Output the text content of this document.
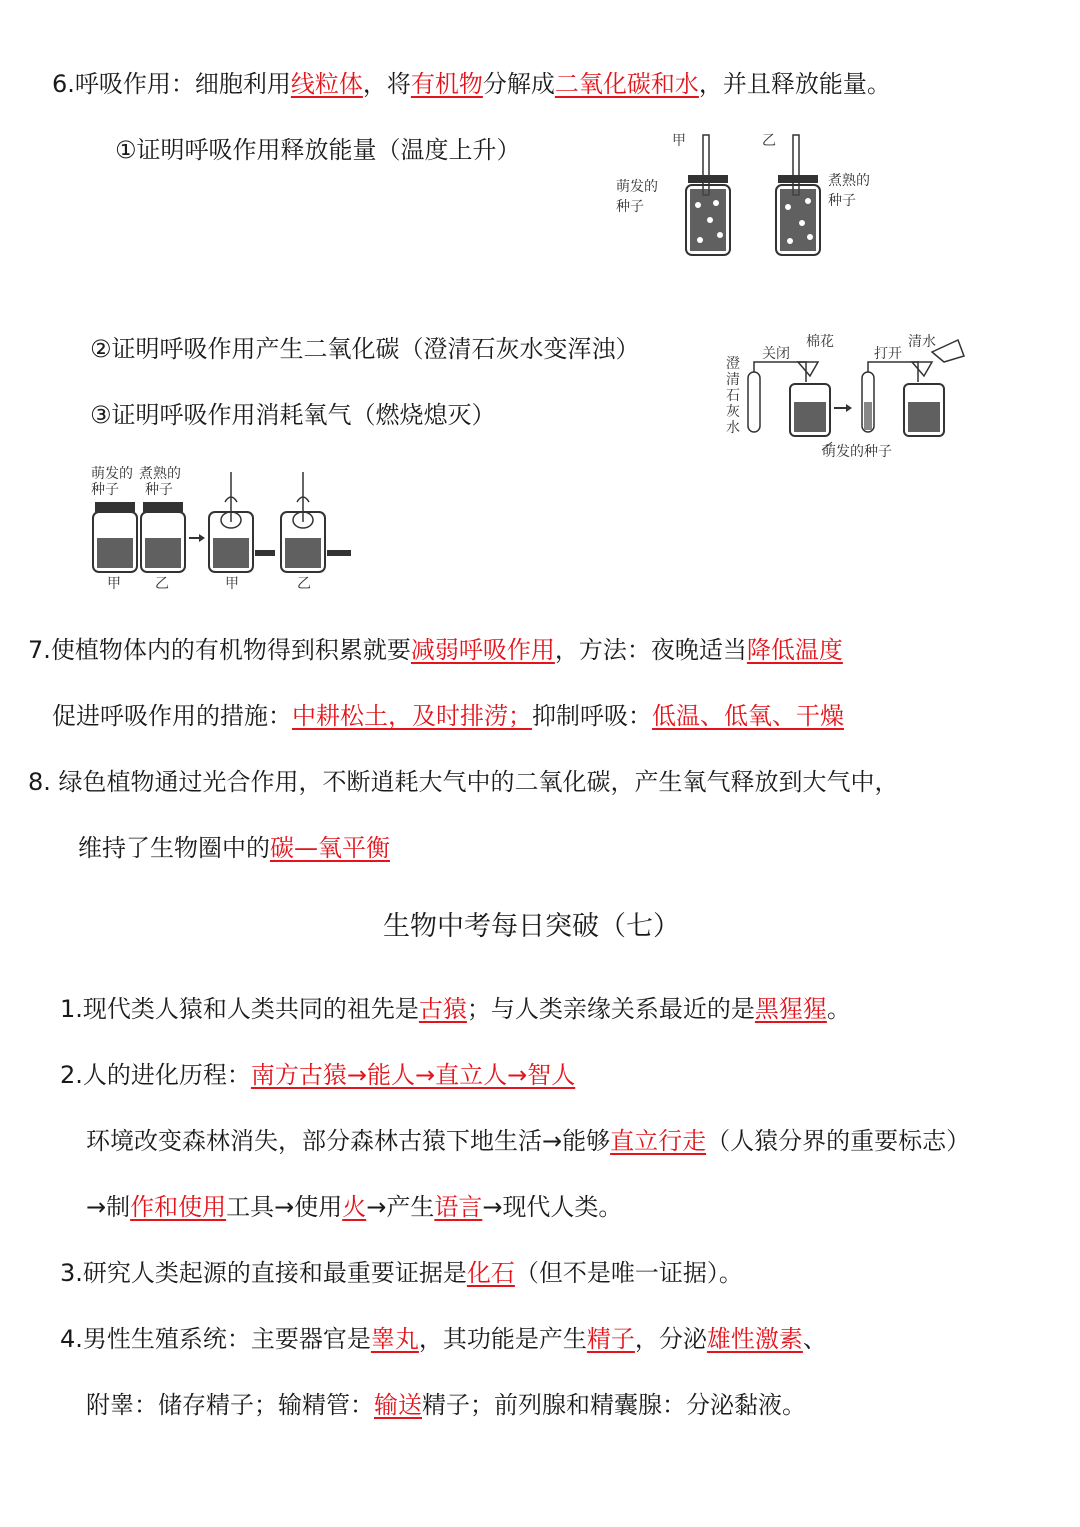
6.呼吸作用：细胞利用线粒体，将有机物分解成二氧化碳和水，并且释放能量。
①证明呼吸作用释放能量（温度上升）	甲	乙
萌发的
种子
煮熟的
种子
②证明呼吸作用产生二氧化碳（澄清石灰水变浑浊）
③证明呼吸作用消耗氧气（燃烧熄灭）
澄
清
石
灰
水
关闭
棉花
打开
清水
萌发的种子
萌发的
种子
煮熟的
种子
甲 乙	甲	乙
7.使植物体内的有机物得到积累就要减弱呼吸作用，方法：夜晚适当降低温度
促进呼吸作用的措施：中耕松土，及时排涝；抑制呼吸：低温、低氧、干燥
8. 绿色植物通过光合作用，不断逍耗大气中的二氧化碳，产生氧气释放到大气中，
维持了生物圈中的碳—氧平衡
生物中考每日突破（七）
1.现代类人猿和人类共同的祖先是古猿；与人类亲缘关系最近的是黑猩猩。
2.人的进化历程：南方古猿→能人→直立人→智人
环境改变森林消失，部分森林古猿下地生活→能够直立行走（人猿分界的重要标志）
→制作和使用工具→使用火→产生语言→现代人类。
3.研究人类起源的直接和最重要证据是化石（但不是唯一证据）。
4.男性生殖系统：主要器官是睾丸，其功能是产生精子，分泌雄性激素、
附睾：储存精子；输精管：输送精子；前列腺和精囊腺：分泌黏液。
